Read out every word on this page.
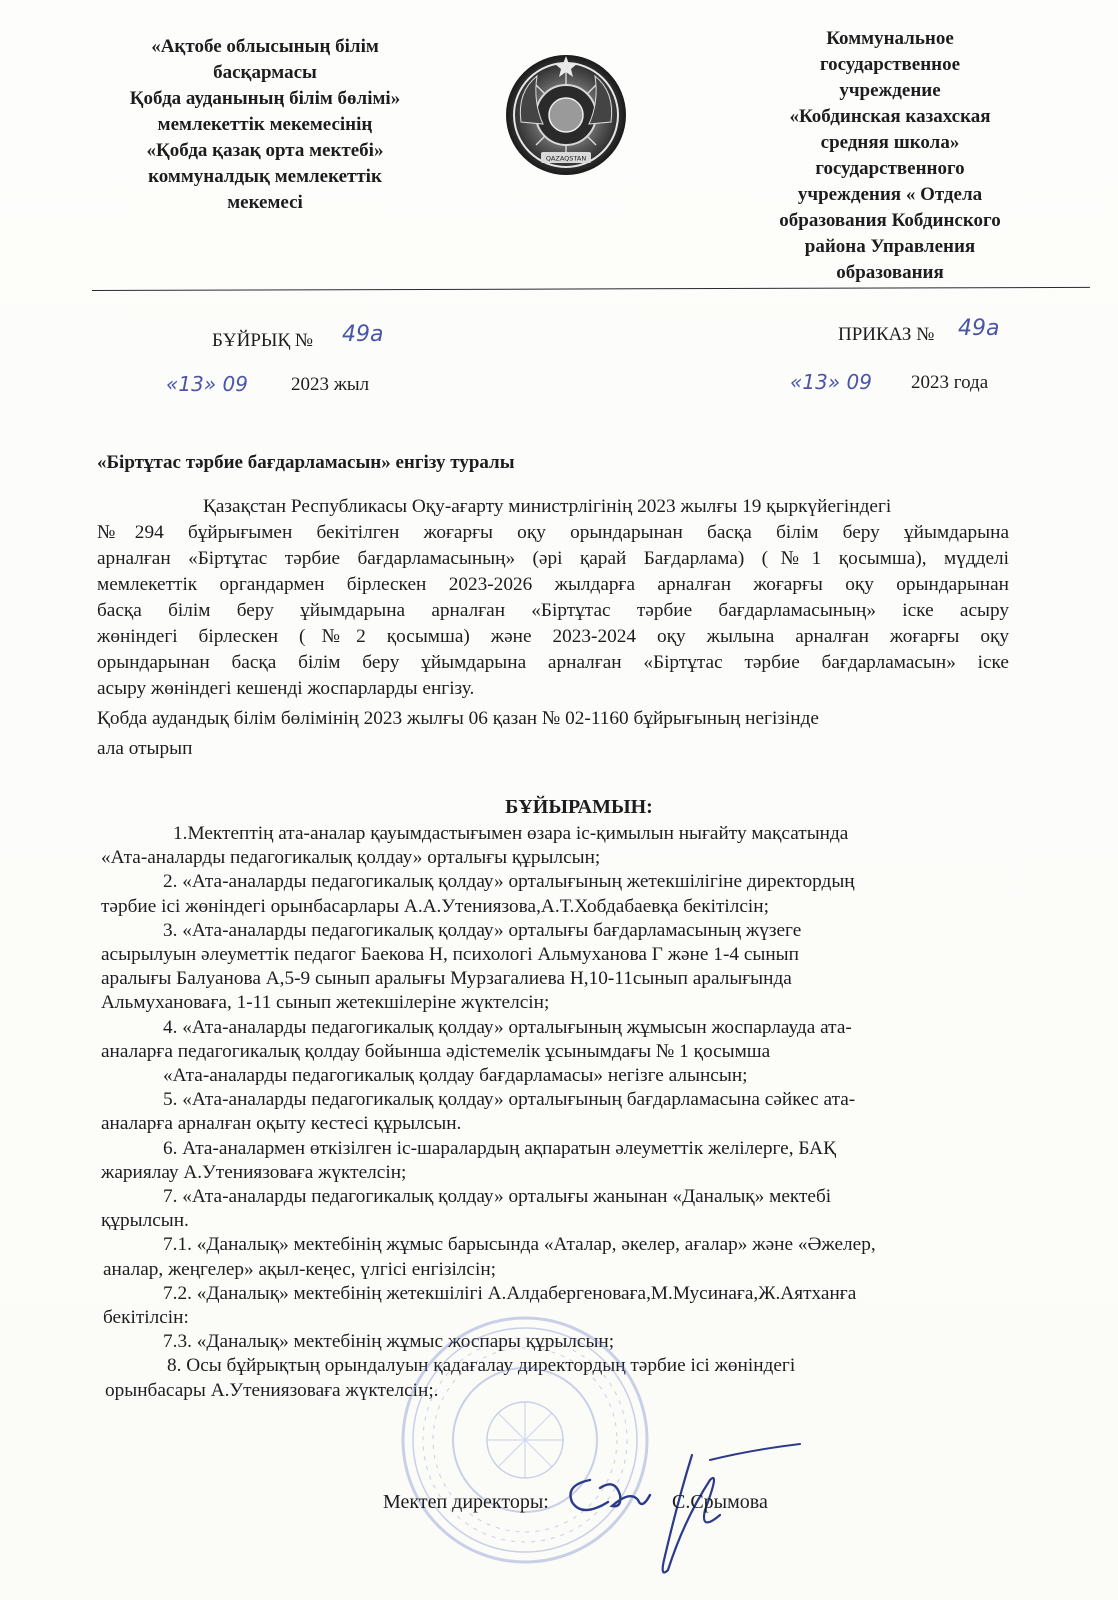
«Ақтобе облысының білім
басқармасы
Қобда ауданының білім бөлімі»
мемлекеттік мекемесінің
«Қобда қазақ орта мектебі»
коммуналдық мемлекеттік
мекемесі
QAZAQSTAN
Коммунальное
государственное
учреждение
«Кобдинская казахская
средняя школа»
государственного
учреждения « Отдела
образования Кобдинского
района Управления
образования
БҰЙРЫҚ № 49а	ПРИКАЗ № 49а
«13» 09 2023 жыл	«13» 09 2023 года
«Біртұтас тәрбие бағдарламасын» енгізу туралы
Қазақстан Республикасы Оқу-ағарту министрлігінің 2023 жылғы 19 қыркүйегіндегі
№294 бұйрығымен бекітілген жоғарғы оқу орындарынан басқа білім беру ұйымдарына
арналған «Біртұтас тәрбие бағдарламасының» (әрі қарай Бағдарлама) (№1 қосымша), мүдделі
мемлекеттік органдармен бірлескен 2023-2026 жылдарға арналған жоғарғы оқу орындарынан
басқа білім беру ұйымдарына арналған «Біртұтас тәрбие бағдарламасының» іске асыру
жөніндегі бірлескен (№2 қосымша) және 2023-2024 оқу жылына арналған жоғарғы оқу
орындарынан басқа білім беру ұйымдарына арналған «Біртұтас тәрбие бағдарламасын» іске
асыру жөніндегі кешенді жоспарларды енгізу.
Қобда аудандық білім бөлімінің 2023 жылғы 06 қазан № 02-1160 бұйрығының негізінде
ала отырып
БҰЙЫРАМЫН:
1.Мектептің ата-аналар қауымдастығымен өзара іс-қимылын нығайту мақсатында
«Ата-аналарды педагогикалық қолдау» орталығы құрылсын;
2. «Ата-аналарды педагогикалық қолдау» орталығының жетекшілігіне директордың
тәрбие ісі жөніндегі орынбасарлары А.А.Утениязова,А.Т.Хобдабаевқа бекітілсін;
3. «Ата-аналарды педагогикалық қолдау» орталығы бағдарламасының жүзеге
асырылуын әлеуметтік педагог Баекова Н, психологі Альмуханова Г және 1-4 сынып
аралығы Балуанова А,5-9 сынып аралығы Мурзагалиева Н,10-11сынып аралығында
Альмухановаға, 1-11 сынып жетекшілеріне жүктелсін;
4. «Ата-аналарды педагогикалық қолдау» орталығының жұмысын жоспарлауда ата-
аналарға педагогикалық қолдау бойынша әдістемелік ұсынымдағы № 1 қосымша
«Ата-аналарды педагогикалық қолдау бағдарламасы» негізге алынсын;
5. «Ата-аналарды педагогикалық қолдау» орталығының бағдарламасына сәйкес ата-
аналарға арналған оқыту кестесі құрылсын.
6. Ата-аналармен өткізілген іс-шаралардың ақпаратын әлеуметтік желілерге, БАҚ
жариялау А.Утениязоваға жүктелсін;
7. «Ата-аналарды педагогикалық қолдау» орталығы жанынан «Даналық» мектебі
құрылсын.
7.1. «Даналық» мектебінің жұмыс барысында «Аталар, әкелер, ағалар» және «Әжелер,
аналар, жеңгелер» ақыл-кеңес, үлгісі енгізілсін;
7.2. «Даналық» мектебінің жетекшілігі А.Алдабергеноваға,М.Мусинаға,Ж.Аятханға
бекітілсін:
7.3. «Даналық» мектебінің жұмыс жоспары құрылсын;
8. Осы бұйрықтың орындалуын қадағалау директордың тәрбие ісі жөніндегі
орынбасары А.Утениязоваға жүктелсін;.
Мектеп директоры:	С.Срымова
